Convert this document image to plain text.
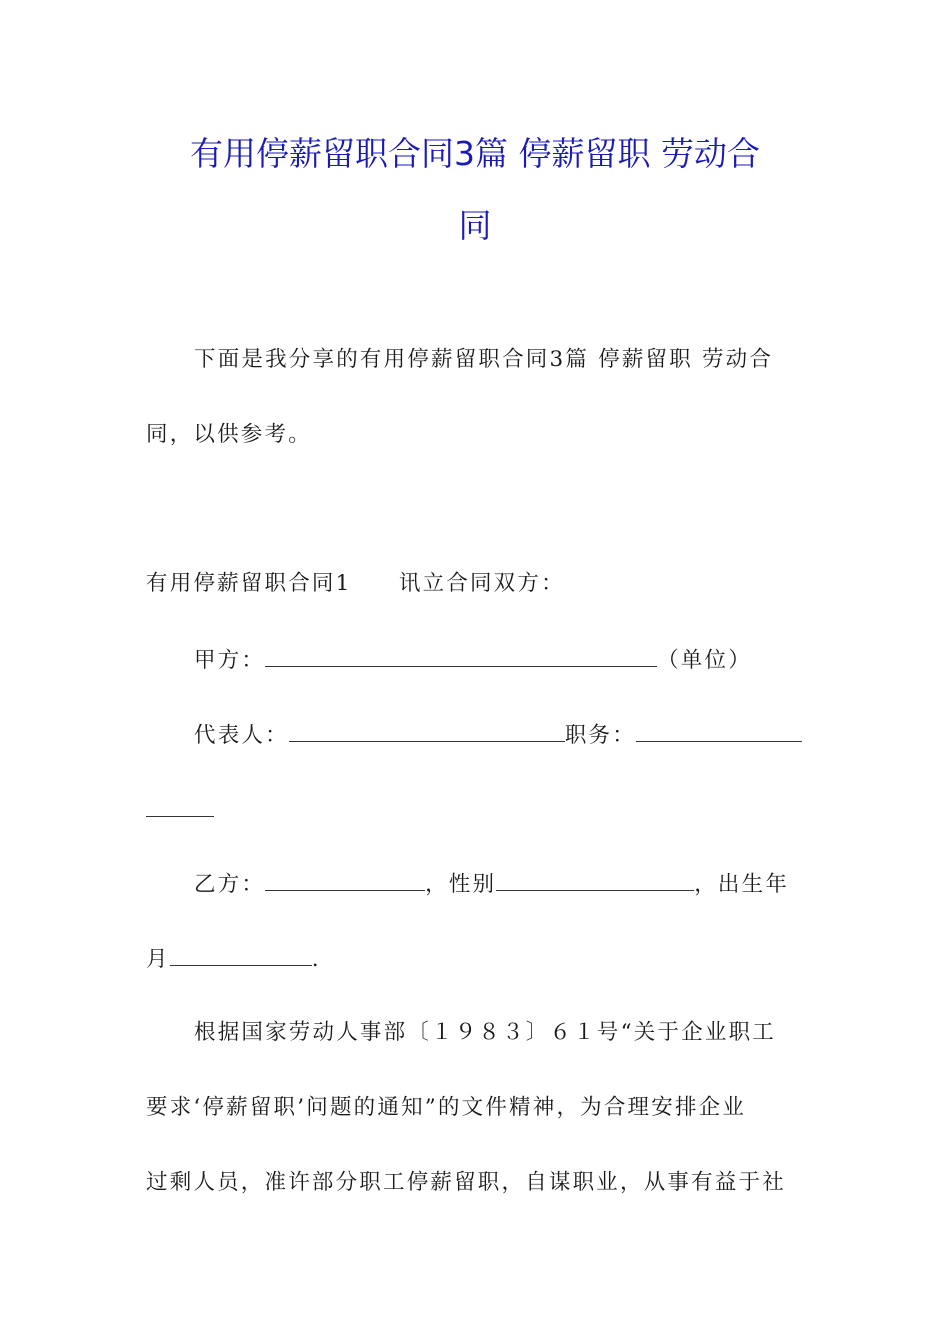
有用停薪留职合同3篇 停薪留职 劳动合
同

下面是我分享的有用停薪留职合同3篇 停薪留职 劳动合

同，以供参考。

有用停薪留职合同1　　讯立合同双方：

甲方：	（单位）

代表人：	职务：

乙方：	，性别	，出生年

月	.

根据国家劳动人事部〔１９８３〕６１号“关于企业职工

要求‘停薪留职’问题的通知”的文件精神，为合理安排企业

过剩人员，准许部分职工停薪留职，自谋职业，从事有益于社
